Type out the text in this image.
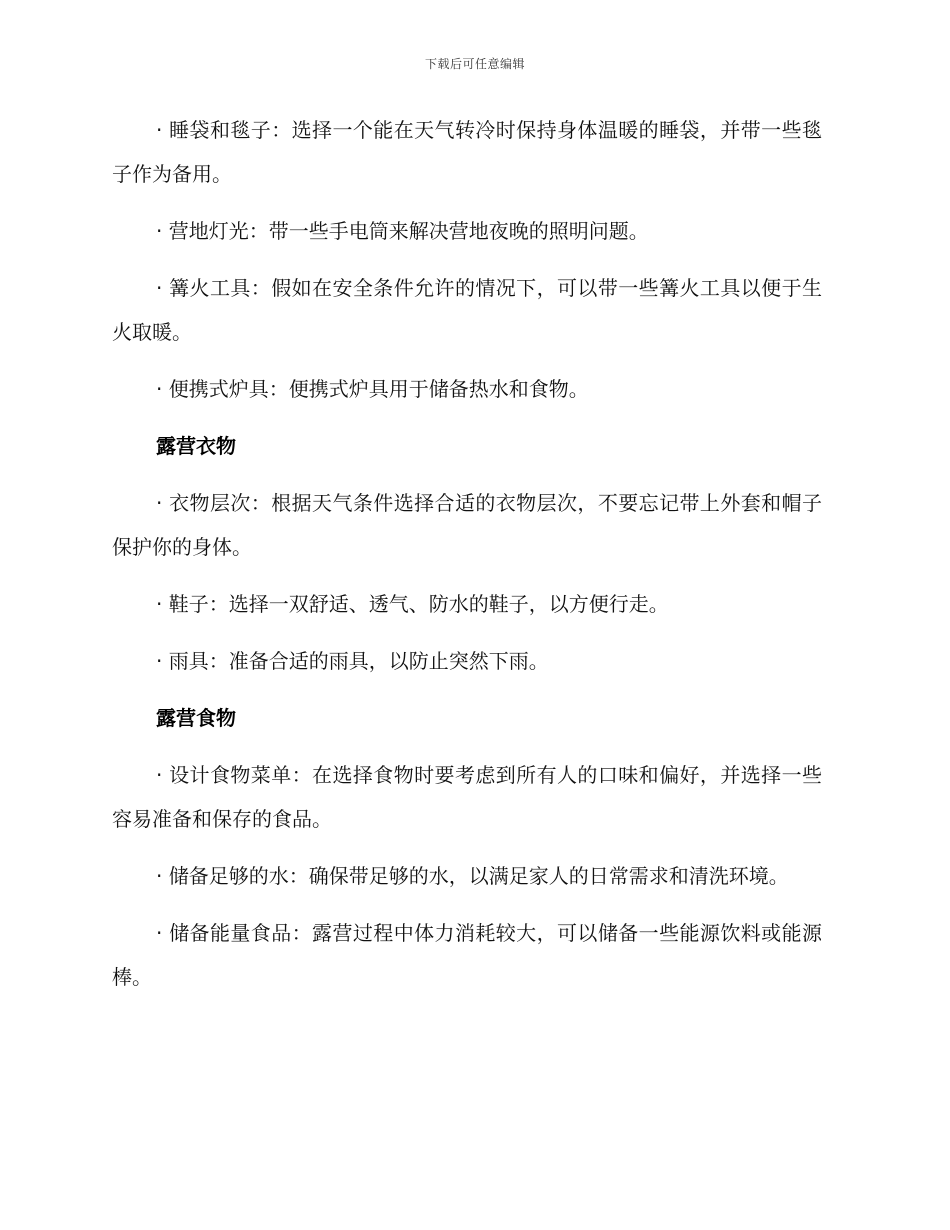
下载后可任意编辑

· 睡袋和毯子：选择一个能在天气转冷时保持身体温暖的睡袋，并带一些毯子作为备用。

· 营地灯光：带一些手电筒来解决营地夜晚的照明问题。

· 篝火工具：假如在安全条件允许的情况下，可以带一些篝火工具以便于生火取暖。

· 便携式炉具：便携式炉具用于储备热水和食物。

露营衣物

· 衣物层次：根据天气条件选择合适的衣物层次，不要忘记带上外套和帽子保护你的身体。

· 鞋子：选择一双舒适、透气、防水的鞋子，以方便行走。

· 雨具：准备合适的雨具，以防止突然下雨。

露营食物

· 设计食物菜单：在选择食物时要考虑到所有人的口味和偏好，并选择一些容易准备和保存的食品。

· 储备足够的水：确保带足够的水，以满足家人的日常需求和清洗环境。

· 储备能量食品：露营过程中体力消耗较大，可以储备一些能源饮料或能源棒。
